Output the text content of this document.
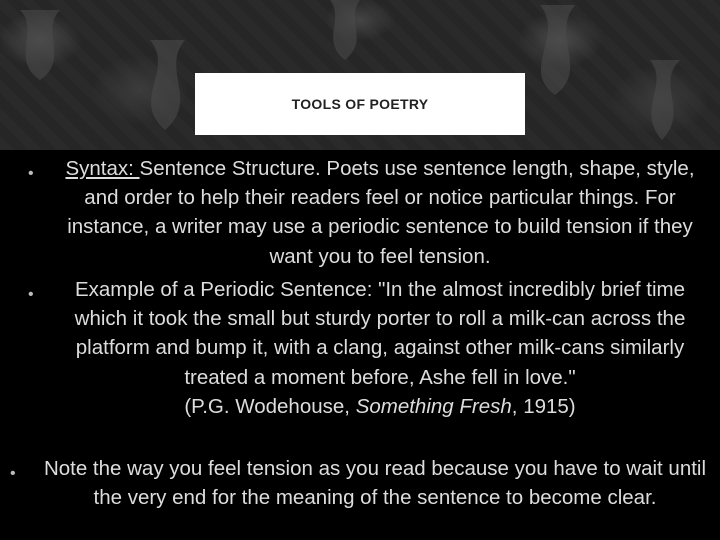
TOOLS OF POETRY
• Syntax: Sentence Structure. Poets use sentence length, shape, style, and order to help their readers feel or notice particular things. For instance, a writer may use a periodic sentence to build tension if they want you to feel tension.
•	Example of a Periodic Sentence: "In the almost incredibly brief time which it took the small but sturdy porter to roll a milk-can across the platform and bump it, with a clang, against other milk-cans similarly treated a moment before, Ashe fell in love."
(P.G. Wodehouse, Something Fresh, 1915)
• Note the way you feel tension as you read because you have to wait until the very end for the meaning of the sentence to become clear.
